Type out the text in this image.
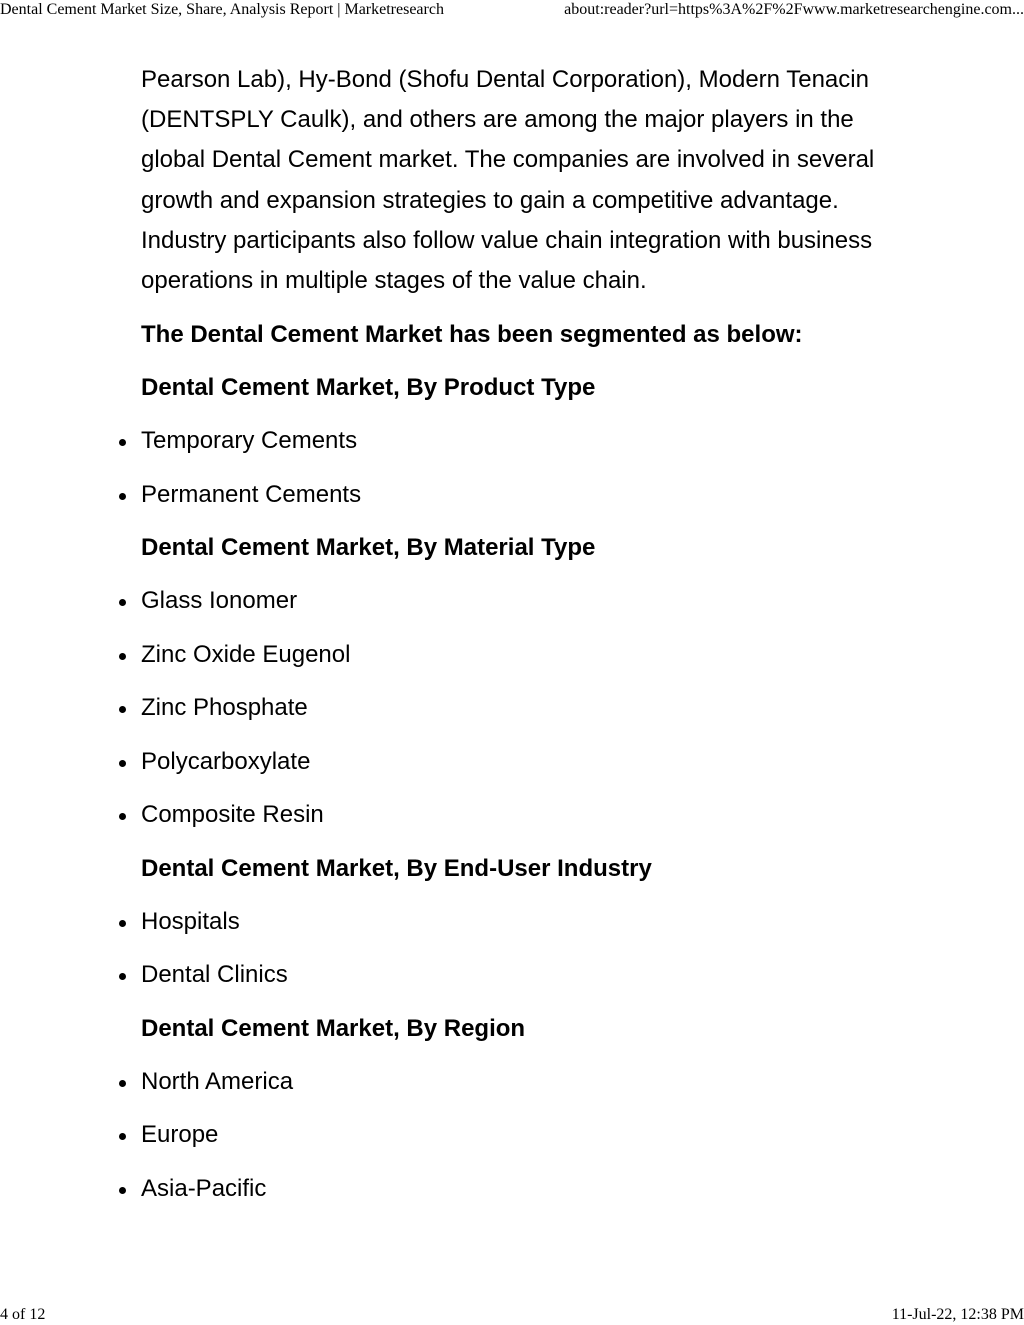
Dental Cement Market Size, Share, Analysis Report | Marketresearch	about:reader?url=https%3A%2F%2Fwww.marketresearchengine.com...

Pearson Lab), Hy-Bond (Shofu Dental Corporation), Modern Tenacin (DENTSPLY Caulk), and others are among the major players in the global Dental Cement market. The companies are involved in several growth and expansion strategies to gain a competitive advantage. Industry participants also follow value chain integration with business operations in multiple stages of the value chain.

The Dental Cement Market has been segmented as below:
Dental Cement Market, By Product Type
Temporary Cements
Permanent Cements
Dental Cement Market, By Material Type
Glass Ionomer
Zinc Oxide Eugenol
Zinc Phosphate
Polycarboxylate
Composite Resin
Dental Cement Market, By End-User Industry
Hospitals
Dental Clinics
Dental Cement Market, By Region
North America
Europe
Asia-Pacific
4 of 12	11-Jul-22, 12:38 PM
